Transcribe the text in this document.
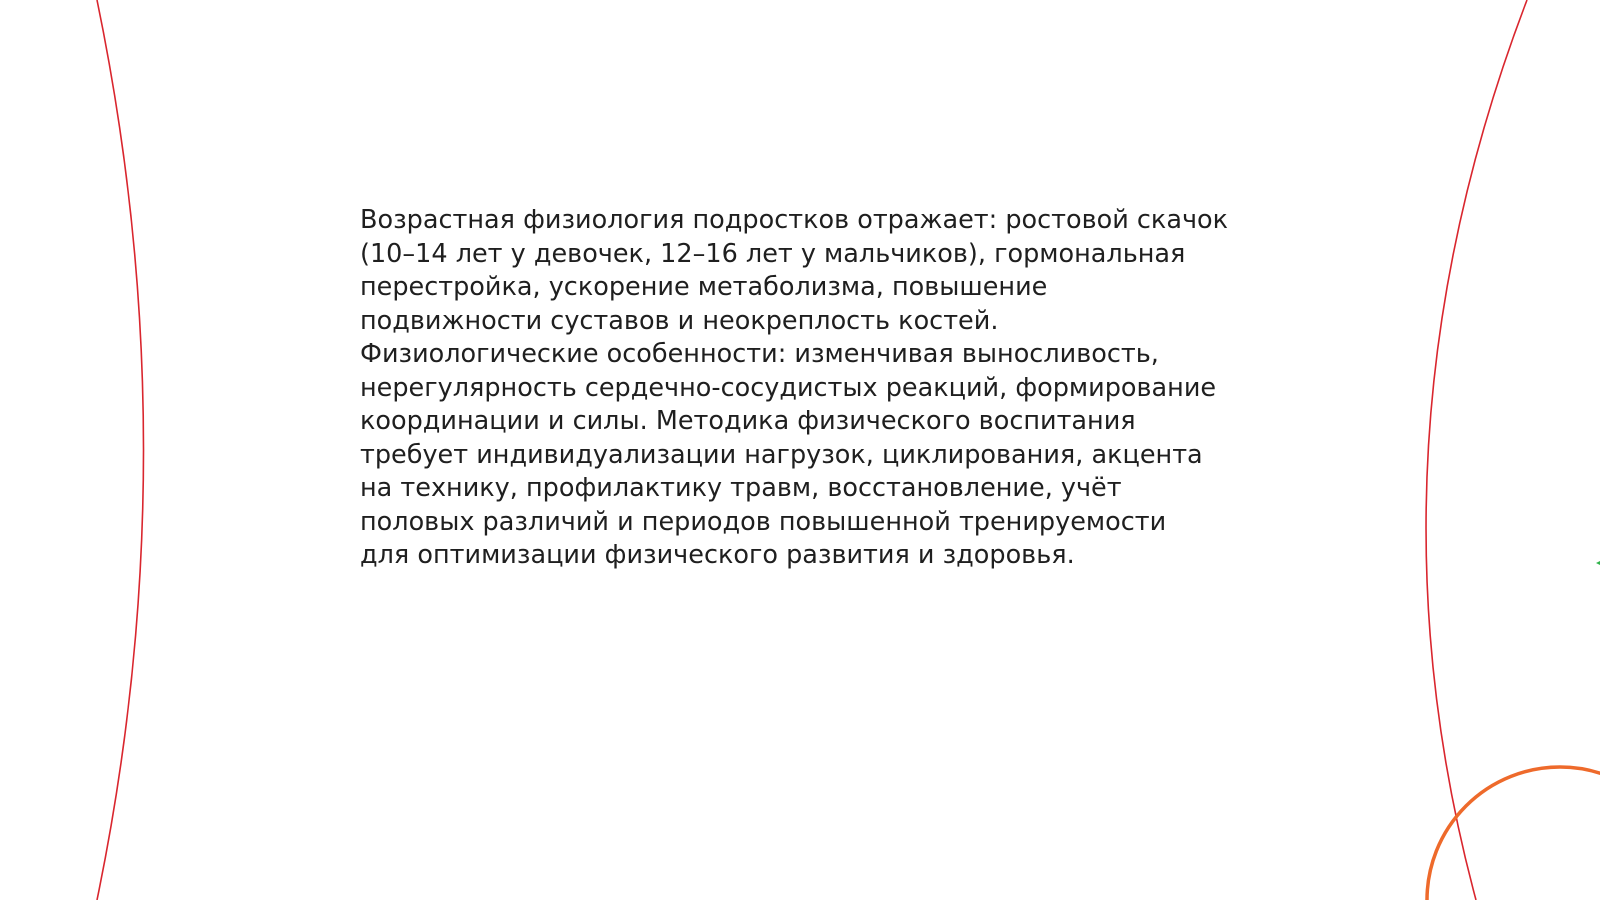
Возрастная физиология подростков отражает: ростовой скачок
(10–14 лет у девочек, 12–16 лет у мальчиков), гормональная
перестройка, ускорение метаболизма, повышение
подвижности суставов и неокреплость костей.
Физиологические особенности: изменчивая выносливость,
нерегулярность сердечно-сосудистых реакций, формирование
координации и силы. Методика физического воспитания
требует индивидуализации нагрузок, циклирования, акцента
на технику, профилактику травм, восстановление, учёт
половых различий и периодов повышенной тренируемости
для оптимизации физического развития и здоровья.
